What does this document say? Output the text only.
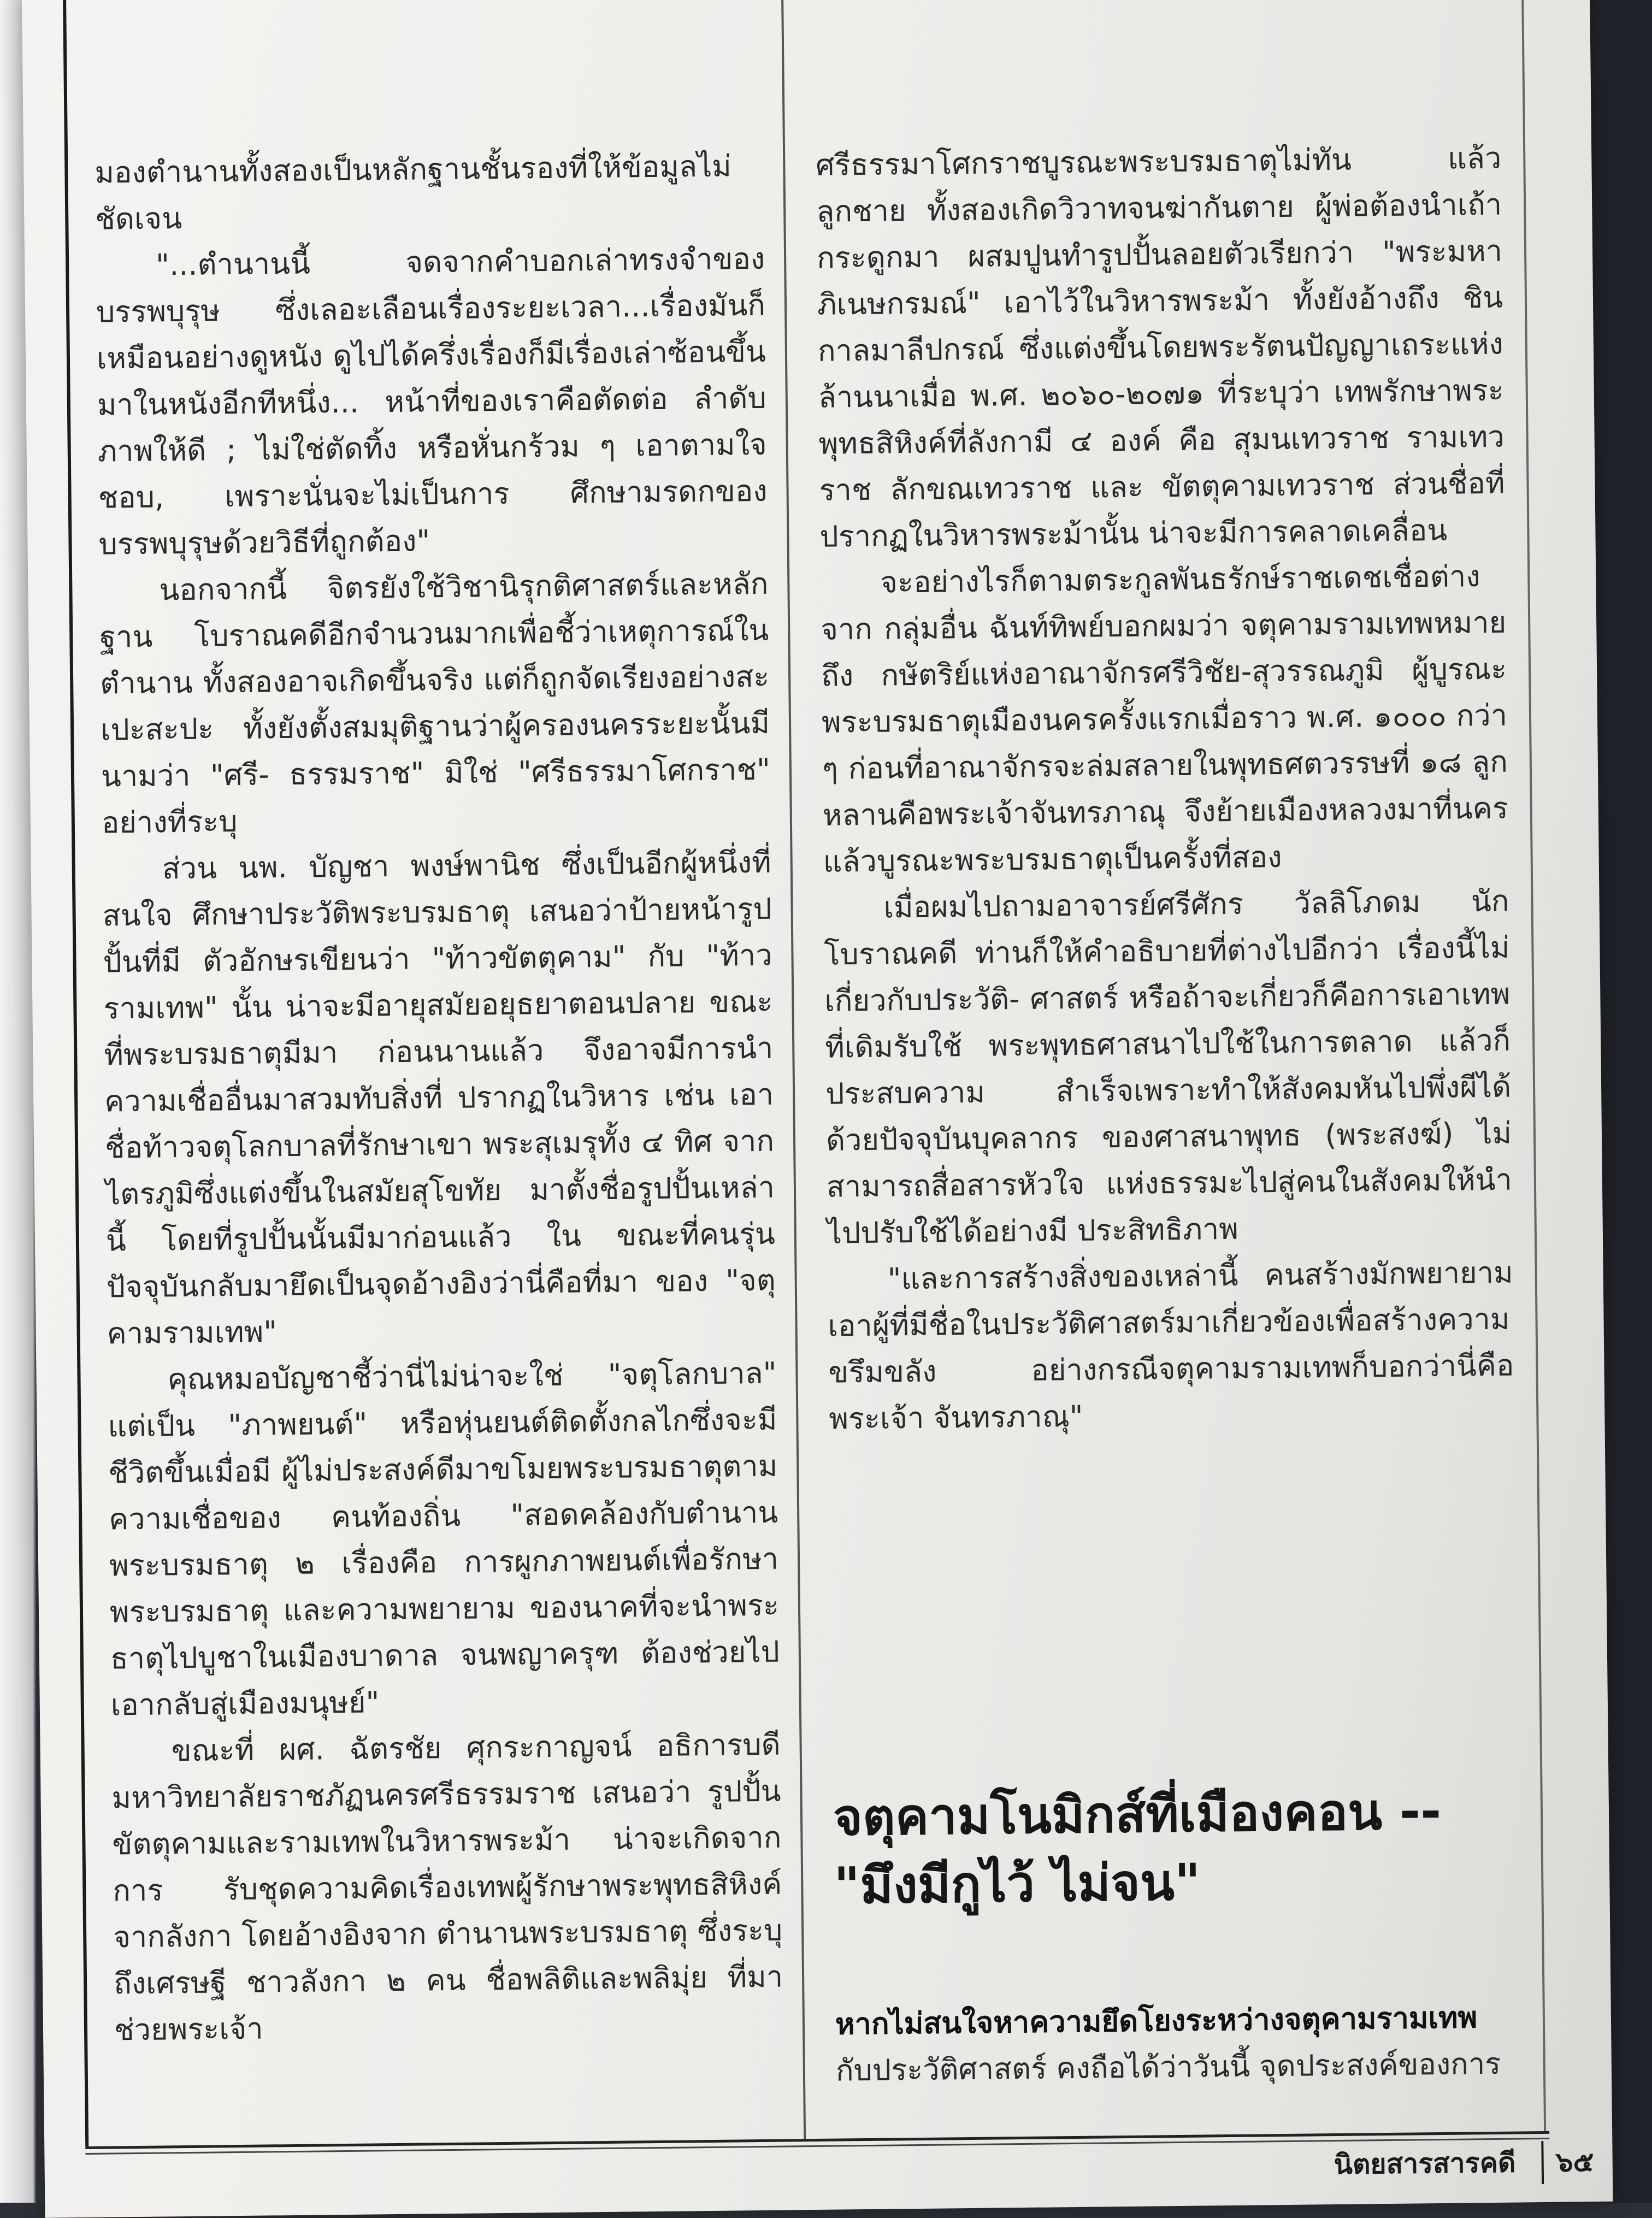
มองตำนานทั้งสองเป็นหลักฐานชั้นรองที่ให้ข้อมูลไม่ชัดเจน

"...ตำนานนี้ จดจากคำบอกเล่าทรงจำของบรรพบุรุษ ซึ่งเลอะเลือนเรื่องระยะเวลา...เรื่องมันก็เหมือนอย่างดูหนัง ดูไปได้ครึ่งเรื่องก็มีเรื่องเล่าซ้อนขึ้นมาในหนังอีกทีหนึ่ง... หน้าที่ของเราคือตัดต่อ ลำดับภาพให้ดี ; ไม่ใช่ตัดทิ้ง หรือหั่นกร้วม ๆ เอาตามใจชอบ, เพราะนั่นจะไม่เป็นการ ศึกษามรดกของบรรพบุรุษด้วยวิธีที่ถูกต้อง"

นอกจากนี้ จิตรยังใช้วิชานิรุกติศาสตร์และหลักฐาน โบราณคดีอีกจำนวนมากเพื่อชี้ว่าเหตุการณ์ในตำนาน ทั้งสองอาจเกิดขึ้นจริง แต่ก็ถูกจัดเรียงอย่างสะเปะสะปะ ทั้งยังตั้งสมมุติฐานว่าผู้ครองนครระยะนั้นมีนามว่า "ศรี- ธรรมราช" มิใช่ "ศรีธรรมาโศกราช" อย่างที่ระบุ

ส่วน นพ. บัญชา พงษ์พานิช ซึ่งเป็นอีกผู้หนึ่งที่สนใจ ศึกษาประวัติพระบรมธาตุ เสนอว่าป้ายหน้ารูปปั้นที่มี ตัวอักษรเขียนว่า "ท้าวขัตตุคาม" กับ "ท้าวรามเทพ" นั้น น่าจะมีอายุสมัยอยุธยาตอนปลาย ขณะที่พระบรมธาตุมีมา ก่อนนานแล้ว จึงอาจมีการนำความเชื่ออื่นมาสวมทับสิ่งที่ ปรากฏในวิหาร เช่น เอาชื่อท้าวจตุโลกบาลที่รักษาเขา พระสุเมรุทั้ง ๔ ทิศ จากไตรภูมิซึ่งแต่งขึ้นในสมัยสุโขทัย มาตั้งชื่อรูปปั้นเหล่านี้ โดยที่รูปปั้นนั้นมีมาก่อนแล้ว ใน ขณะที่คนรุ่นปัจจุบันกลับมายึดเป็นจุดอ้างอิงว่านี่คือที่มา ของ "จตุคามรามเทพ"

คุณหมอบัญชาชี้ว่านี่ไม่น่าจะใช่ "จตุโลกบาล" แต่เป็น "ภาพยนต์" หรือหุ่นยนต์ติดตั้งกลไกซึ่งจะมีชีวิตขึ้นเมื่อมี ผู้ไม่ประสงค์ดีมาขโมยพระบรมธาตุตามความเชื่อของ คนท้องถิ่น "สอดคล้องกับตำนานพระบรมธาตุ ๒ เรื่องคือ การผูกภาพยนต์เพื่อรักษาพระบรมธาตุ และความพยายาม ของนาคที่จะนำพระธาตุไปบูชาในเมืองบาดาล จนพญาครุฑ ต้องช่วยไปเอากลับสู่เมืองมนุษย์"

ขณะที่ ผศ. ฉัตรชัย ศุกระกาญจน์ อธิการบดี มหาวิทยาลัยราชภัฏนครศรีธรรมราช เสนอว่า รูปปั้น ขัตตุคามและรามเทพในวิหารพระม้า น่าจะเกิดจากการ รับชุดความคิดเรื่องเทพผู้รักษาพระพุทธสิหิงค์จากลังกา โดยอ้างอิงจาก ตำนานพระบรมธาตุ ซึ่งระบุถึงเศรษฐี ชาวลังกา ๒ คน ชื่อพลิติและพลิมุ่ย ที่มาช่วยพระเจ้า

ศรีธรรมาโศกราชบูรณะพระบรมธาตุไม่ทัน แล้วลูกชาย ทั้งสองเกิดวิวาทจนฆ่ากันตาย ผู้พ่อต้องนำเถ้ากระดูกมา ผสมปูนทำรูปปั้นลอยตัวเรียกว่า "พระมหาภิเนษกรมณ์" เอาไว้ในวิหารพระม้า ทั้งยังอ้างถึง ชินกาลมาลีปกรณ์ ซึ่งแต่งขึ้นโดยพระรัตนปัญญาเถระแห่งล้านนาเมื่อ พ.ศ. ๒๐๖๐-๒๐๗๑ ที่ระบุว่า เทพรักษาพระพุทธสิหิงค์ที่ลังกามี ๔ องค์ คือ สุมนเทวราช รามเทวราช ลักขณเทวราช และ ขัตตุคามเทวราช ส่วนชื่อที่ปรากฏในวิหารพระม้านั้น น่าจะมีการคลาดเคลื่อน

จะอย่างไรก็ตามตระกูลพันธรักษ์ราชเดชเชื่อต่างจาก กลุ่มอื่น ฉันท์ทิพย์บอกผมว่า จตุคามรามเทพหมายถึง กษัตริย์แห่งอาณาจักรศรีวิชัย-สุวรรณภูมิ ผู้บูรณะ พระบรมธาตุเมืองนครครั้งแรกเมื่อราว พ.ศ. ๑๐๐๐ กว่า ๆ ก่อนที่อาณาจักรจะล่มสลายในพุทธศตวรรษที่ ๑๘ ลูก หลานคือพระเจ้าจันทรภาณุ จึงย้ายเมืองหลวงมาที่นคร แล้วบูรณะพระบรมธาตุเป็นครั้งที่สอง

เมื่อผมไปถามอาจารย์ศรีศักร วัลลิโภดม นักโบราณคดี ท่านก็ให้คำอธิบายที่ต่างไปอีกว่า เรื่องนี้ไม่เกี่ยวกับประวัติ- ศาสตร์ หรือถ้าจะเกี่ยวก็คือการเอาเทพที่เดิมรับใช้ พระพุทธศาสนาไปใช้ในการตลาด แล้วก็ประสบความ สำเร็จเพราะทำให้สังคมหันไปพึ่งผีได้ ด้วยปัจจุบันบุคลากร ของศาสนาพุทธ (พระสงฆ์) ไม่สามารถสื่อสารหัวใจ แห่งธรรมะไปสู่คนในสังคมให้นำไปปรับใช้ได้อย่างมี ประสิทธิภาพ

"และการสร้างสิ่งของเหล่านี้ คนสร้างมักพยายาม เอาผู้ที่มีชื่อในประวัติศาสตร์มาเกี่ยวข้องเพื่อสร้างความ ขรึมขลัง อย่างกรณีจตุคามรามเทพก็บอกว่านี่คือพระเจ้า จันทรภาณุ"

จตุคามโนมิกส์ที่เมืองคอน --
"มึงมีกูไว้ ไม่จน"
หากไม่สนใจหาความยึดโยงระหว่างจตุคามรามเทพ
กับประวัติศาสตร์ คงถือได้ว่าวันนี้ จุดประสงค์ของการ
นิตยสารสารคดี ๖๕
